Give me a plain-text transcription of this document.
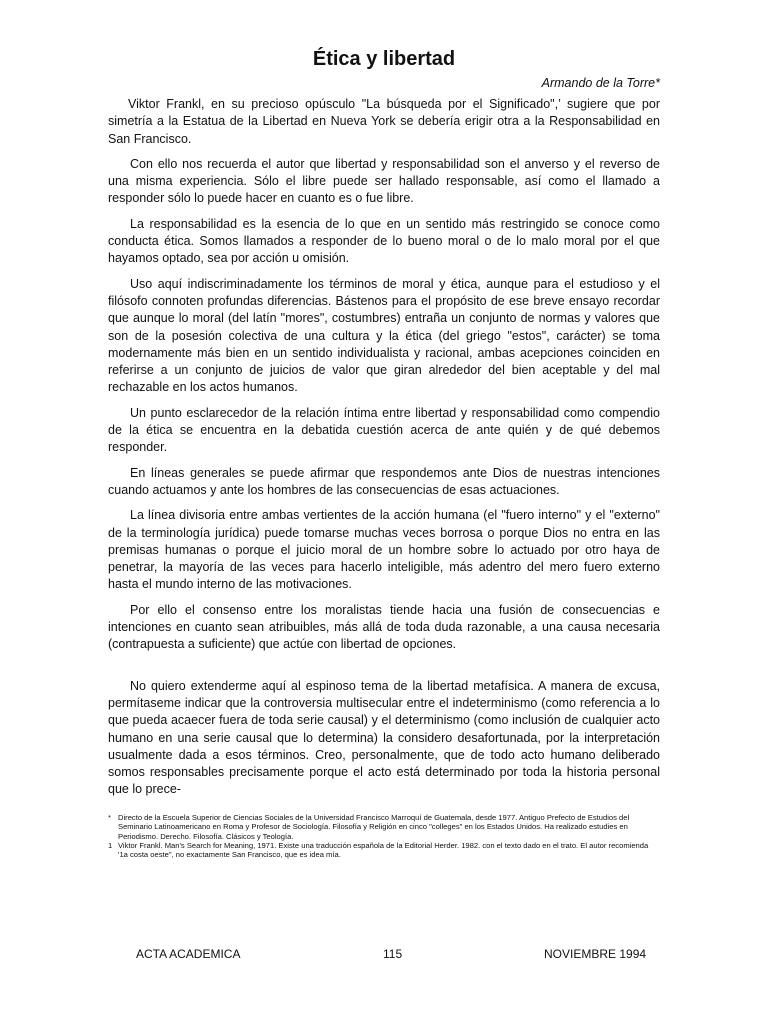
Ética y libertad
Armando de la Torre*

Viktor Frankl, en su precioso opúsculo "La búsqueda por el Significado",’ sugiere que por simetría a la Estatua de la Libertad en Nueva York se debería erigir otra a la Responsabilidad en San Francisco.

Con ello nos recuerda el autor que libertad y responsabilidad son el anverso y el reverso de una misma experiencia. Sólo el libre puede ser hallado responsable, así como el llamado a responder sólo lo puede hacer en cuanto es o fue libre.

La responsabilidad es la esencia de lo que en un sentido más restringido se conoce como conducta ética. Somos llamados a responder de lo bueno moral o de lo malo moral por el que hayamos optado, sea por acción u omisión.

Uso aquí indiscriminadamente los términos de moral y ética, aunque para el estudioso y el filósofo connoten profundas diferencias. Bástenos para el propósito de ese breve ensayo recordar que aunque lo moral (del latín "mores", costumbres) entraña un conjunto de normas y valores que son de la posesión colectiva de una cultura y la ética (del griego "estos", carácter) se toma modernamente más bien en un sentido individualista y racional, ambas acepciones coinciden en referirse a un conjunto de juicios de valor que giran alrededor del bien aceptable y del mal rechazable en los actos humanos.

Un punto esclarecedor de la relación íntima entre libertad y responsabilidad como compendio de la ética se encuentra en la debatida cuestión acerca de ante quién y de qué debemos responder.

En líneas generales se puede afirmar que respondemos ante Dios de nuestras intenciones cuando actuamos y ante los hombres de las consecuencias de esas actuaciones.

La línea divisoria entre ambas vertientes de la acción humana (el "fuero interno" y el "externo" de la terminología jurídica) puede tomarse muchas veces borrosa o porque Dios no entra en las premisas humanas o porque el juicio moral de un hombre sobre lo actuado por otro haya de penetrar, la mayoría de las veces para hacerlo inteligible, más adentro del mero fuero externo hasta el mundo interno de las motivaciones.

Por ello el consenso entre los moralistas tiende hacia una fusión de consecuencias e intenciones en cuanto sean atribuibles, más allá de toda duda razonable, a una causa necesaria (contrapuesta a suficiente) que actúe con libertad de opciones.

No quiero extenderme aquí al espinoso tema de la libertad metafísica. A manera de excusa, permítaseme indicar que la controversia multisecular entre el indeterminismo (como referencia a lo que pueda acaecer fuera de toda serie causal) y el determinismo (como inclusión de cualquier acto humano en una serie causal que lo determina) la considero desafortunada, por la interpretación usualmente dada a esos términos. Creo, personalmente, que de todo acto humano deliberado somos responsables precisamente porque el acto está determinado por toda la historia personal que lo prece-

* Directo de la Escuela Superior de Ciencias Sociales de la Universidad Francisco Marroquí de Guatemala, desde 1977. Antiguo Prefecto de Estudios del Seminario Latinoamericano en Roma y Profesor de Sociología. Filosofía y Religión en cinco "colleges" en los Estados Unidos. Ha realizado estudies en Periodismo. Derecho. Filosofía. Clásicos y Teología.
1 Viktor Frankl. Man's Search for Meaning, 1971. Existe una traducción española de la Editorial Herder. 1982. con el texto dado en el trato. El autor recomienda '1a costa oeste", no exactamente San Francisco, que es idea mía.
ACTA ACADEMICA	115	NOVIEMBRE 1994
